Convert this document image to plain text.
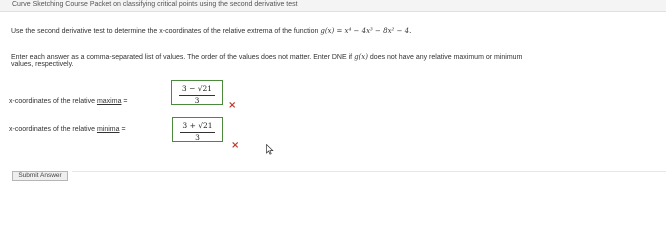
Curve Sketching Course Packet on classifying critical points using the second derivative test
Use the second derivative test to determine the x-coordinates of the relative extrema of the function g(x) = x⁴ − 4x³ − 8x² − 4.
Enter each answer as a comma-separated list of values. The order of the values does not matter. Enter DNE if g(x) does not have any relative maximum or minimum
values, respectively.
x-coordinates of the relative maxima =
3 − √21
3	×
x-coordinates of the relative minima =	3 + √21
3
×
Submit Answer
